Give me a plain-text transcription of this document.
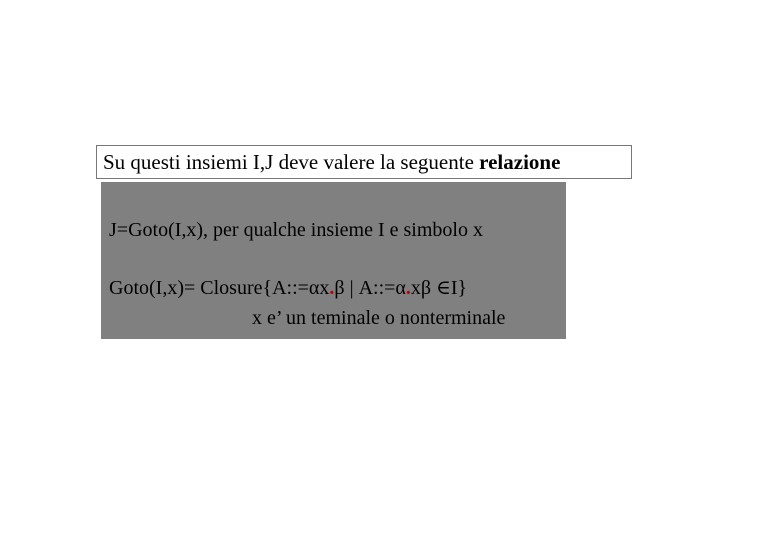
Su questi insiemi I,J deve valere la seguente relazione
J=Goto(I,x), per qualche insieme I e simbolo x
Goto(I,x)= Closure{A::=αx.β | A::=α.xβ ∈I}
x e’ un teminale o nonterminale
